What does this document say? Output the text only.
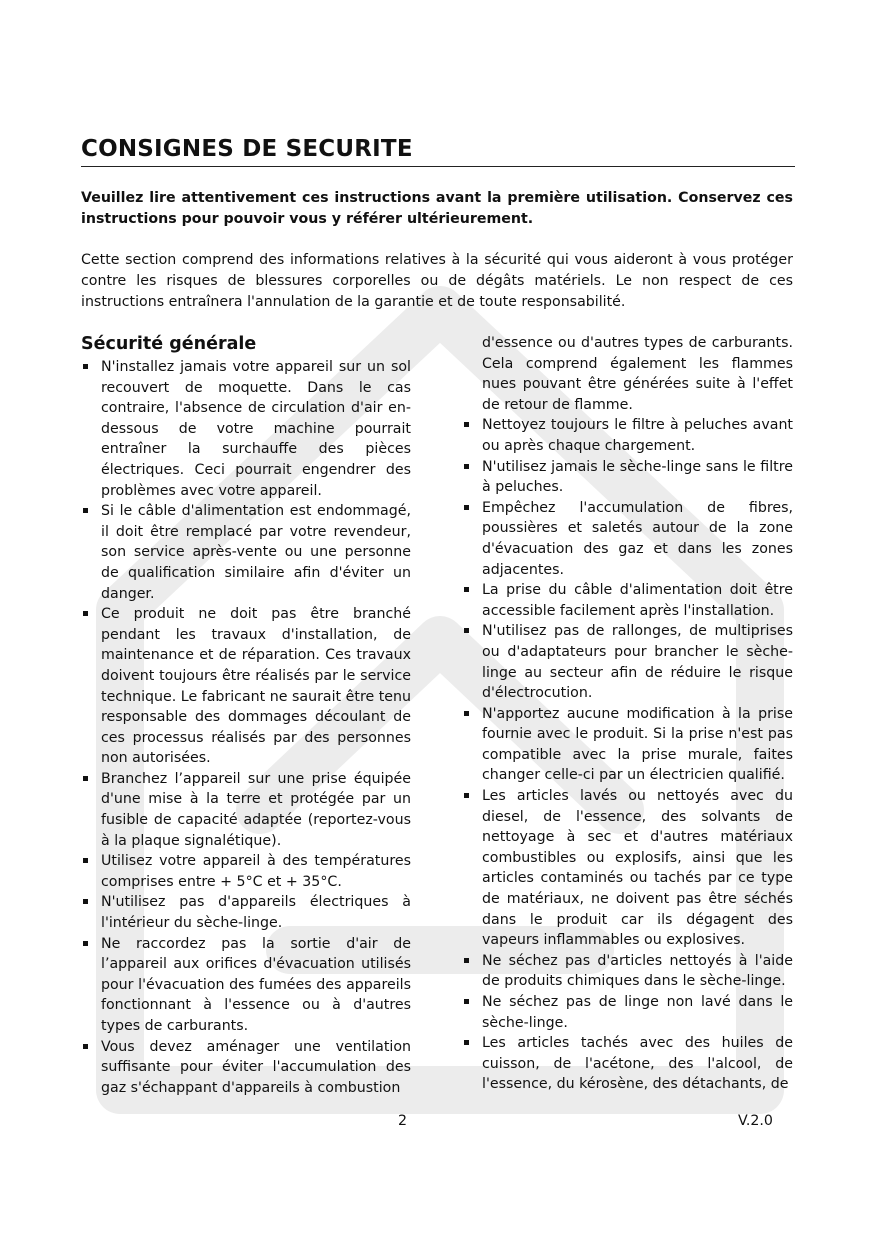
CONSIGNES DE SECURITE

Veuillez lire attentivement ces instructions avant la première utilisation. Conservez ces instructions pour pouvoir vous y référer ultérieurement.

Cette section comprend des informations relatives à la sécurité qui vous aideront à vous protéger contre les risques de blessures corporelles ou de dégâts matériels. Le non respect de ces instructions entraînera l'annulation de la garantie et de toute responsabilité.

Sécurité générale
N'installez jamais votre appareil sur un sol recouvert de moquette. Dans le cas contraire, l'absence de circulation d'air en-dessous de votre machine pourrait entraîner la surchauffe des pièces électriques. Ceci pourrait engendrer des problèmes avec votre appareil.
Si le câble d'alimentation est endommagé, il doit être remplacé par votre revendeur, son service après-vente ou une personne de qualification similaire afin d'éviter un danger.
Ce produit ne doit pas être branché pendant les travaux d'installation, de maintenance et de réparation. Ces travaux doivent toujours être réalisés par le service technique. Le fabricant ne saurait être tenu responsable des dommages découlant de ces processus réalisés par des personnes non autorisées.
Branchez l’appareil sur une prise équipée d'une mise à la terre et protégée par un fusible de capacité adaptée (reportez-vous à la plaque signalétique).
Utilisez votre appareil à des températures comprises entre + 5°C et + 35°C.
N'utilisez pas d'appareils électriques à l'intérieur du sèche-linge.
Ne raccordez pas la sortie d'air de l’appareil aux orifices d'évacuation utilisés pour l'évacuation des fumées des appareils fonctionnant à l'essence ou à d'autres types de carburants.
Vous devez aménager une ventilation suffisante pour éviter l'accumulation des gaz s'échappant d'appareils à combustion

d'essence ou d'autres types de carburants. Cela comprend également les flammes nues pouvant être générées suite à l'effet de retour de flamme.

Nettoyez toujours le filtre à peluches avant ou après chaque chargement.
N'utilisez jamais le sèche-linge sans le filtre à peluches.
Empêchez l'accumulation de fibres, poussières et saletés autour de la zone d'évacuation des gaz et dans les zones adjacentes.
La prise du câble d'alimentation doit être accessible facilement après l'installation.
N'utilisez pas de rallonges, de multiprises ou d'adaptateurs pour brancher le sèche-linge au secteur afin de réduire le risque d'électrocution.
N'apportez aucune modification à la prise fournie avec le produit. Si la prise n'est pas compatible avec la prise murale, faites changer celle-ci par un électricien qualifié.
Les articles lavés ou nettoyés avec du diesel, de l'essence, des solvants de nettoyage à sec et d'autres matériaux combustibles ou explosifs, ainsi que les articles contaminés ou tachés par ce type de matériaux, ne doivent pas être séchés dans le produit car ils dégagent des vapeurs inflammables ou explosives.
Ne séchez pas d'articles nettoyés à l'aide de produits chimiques dans le sèche-linge.
Ne séchez pas de linge non lavé dans le sèche-linge.
Les articles tachés avec des huiles de cuisson, de l'acétone, des l'alcool, de l'essence, du kérosène, des détachants, de
2	V.2.0
